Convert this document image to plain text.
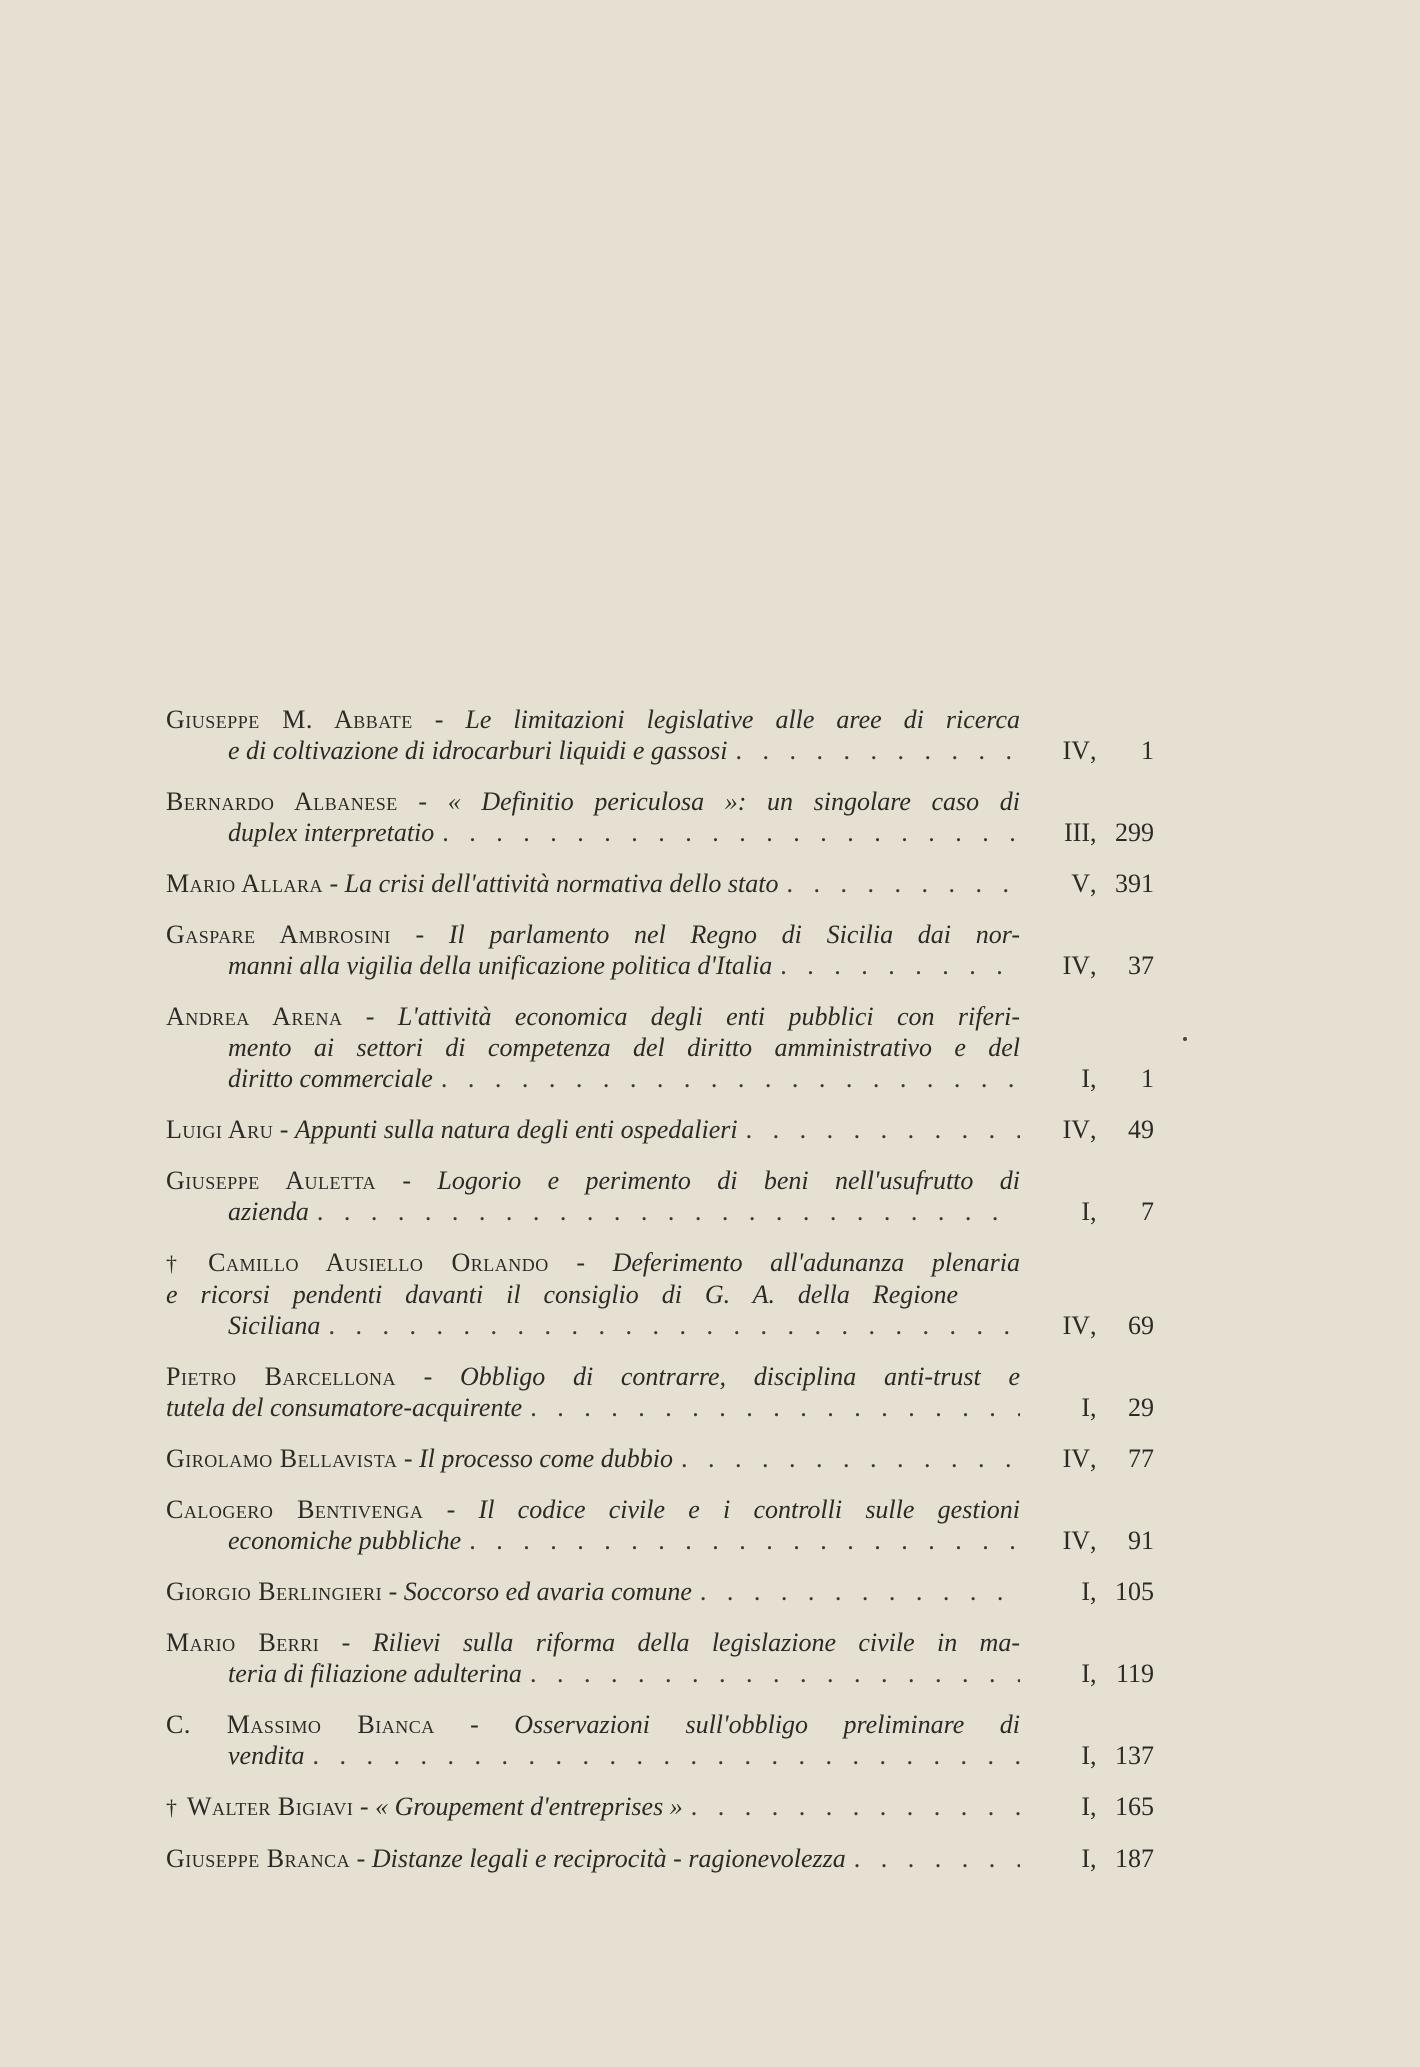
Giuseppe M. Abbate - Le limitazioni legislative alle aree di ricerca
e di coltivazione di idrocarburi liquidi e gassosi . . .	IV ,	1
Bernardo Albanese - « Definitio periculosa »: un singolare caso di
duplex interpretatio . . .	III , 299
Mario Allara - La crisi dell'attività normativa dello stato . . .	V , 391
Gaspare Ambrosini - Il parlamento nel Regno di Sicilia dai nor-
manni alla vigilia della unificazione politica d'Italia . . .	IV ,	37
Andrea Arena - L'attività economica degli enti pubblici con riferi-
mento ai settori di competenza del diritto amministrativo e del
diritto commerciale . . .	I ,	1
Luigi Aru - Appunti sulla natura degli enti ospedalieri . . .	IV ,	49
Giuseppe Auletta - Logorio e perimento di beni nell'usufrutto di
azienda . . .	I ,	7
† Camillo Ausiello Orlando - Deferimento all'adunanza plenaria
e ricorsi pendenti davanti il consiglio di G. A. della Regione
Siciliana . . .	IV ,	69
Pietro Barcellona - Obbligo di contrarre, disciplina anti-trust e
tutela del consumatore-acquirente . . .	I ,	29
Girolamo Bellavista - Il processo come dubbio . . .	IV ,	77
Calogero Bentivenga - Il codice civile e i controlli sulle gestioni
economiche pubbliche . . .	IV ,	91
Giorgio Berlingieri - Soccorso ed avaria comune . . .	I , 105
Mario Berri - Rilievi sulla riforma della legislazione civile in ma-
teria di filiazione adulterina . . .	I , 119
C. Massimo Bianca - Osservazioni sull'obbligo preliminare di
vendita . . .	I , 137
† Walter Bigiavi - « Groupement d'entreprises » . . .	I , 165
Giuseppe Branca - Distanze legali e reciprocità - ragionevolezza . . .	I , 187
